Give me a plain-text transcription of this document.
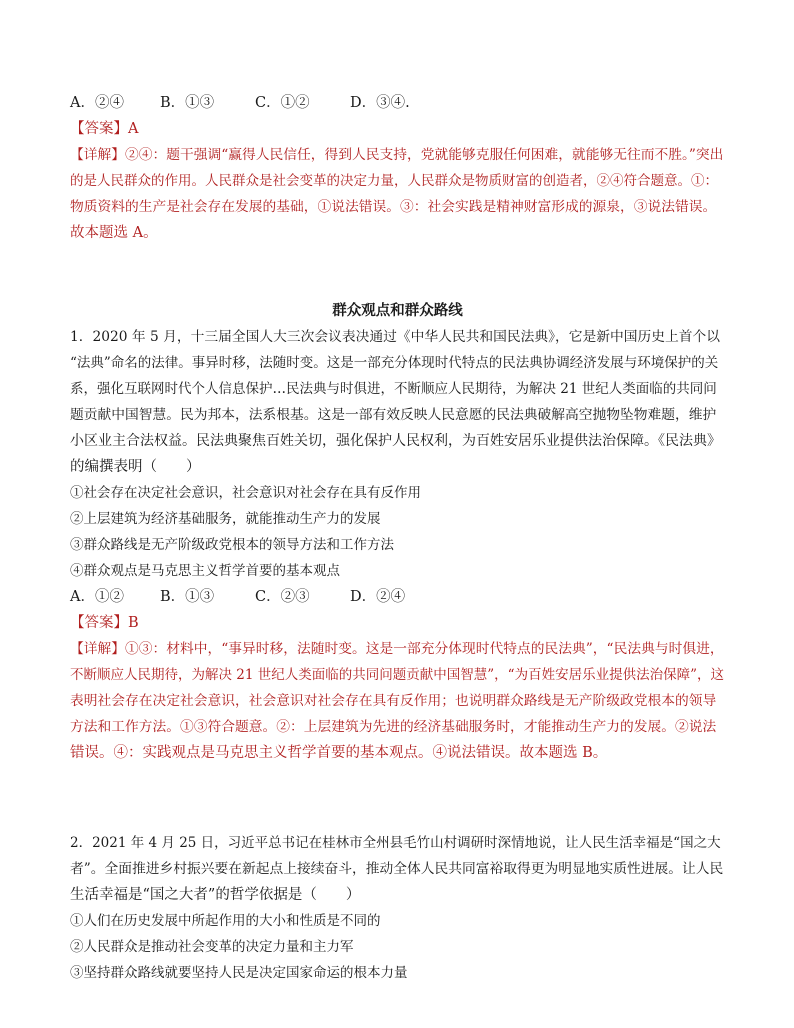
A．②④	B．①③	C．①②	D．③④.

【答案】A

【详解】②④：题干强调“赢得人民信任，得到人民支持，党就能够克服任何困难，就能够无往而不胜。”突出

的是人民群众的作用。人民群众是社会变革的决定力量，人民群众是物质财富的创造者，②④符合题意。①：

物质资料的生产是社会存在发展的基础，①说法错误。③：社会实践是精神财富形成的源泉，③说法错误。

故本题选 A。

群众观点和群众路线

1．2020 年 5 月，十三届全国人大三次会议表决通过《中华人民共和国民法典》，它是新中国历史上首个以

“法典”命名的法律。事异时移，法随时变。这是一部充分体现时代特点的民法典协调经济发展与环境保护的关

系，强化互联网时代个人信息保护…民法典与时俱进，不断顺应人民期待，为解决 21 世纪人类面临的共同问

题贡献中国智慧。民为邦本，法系根基。这是一部有效反映人民意愿的民法典破解高空抛物坠物难题，维护

小区业主合法权益。民法典聚焦百姓关切，强化保护人民权利，为百姓安居乐业提供法治保障。《民法典》

的编撰表明（　　）

①社会存在决定社会意识，社会意识对社会存在具有反作用

②上层建筑为经济基础服务，就能推动生产力的发展

③群众路线是无产阶级政党根本的领导方法和工作方法

④群众观点是马克思主义哲学首要的基本观点

A．①②	B．①③	C．②③	D．②④

【答案】B

【详解】①③：材料中，“事异时移，法随时变。这是一部充分体现时代特点的民法典”，“民法典与时俱进，

不断顺应人民期待，为解决 21 世纪人类面临的共同问题贡献中国智慧”，“为百姓安居乐业提供法治保障”，这

表明社会存在决定社会意识，社会意识对社会存在具有反作用；也说明群众路线是无产阶级政党根本的领导

方法和工作方法。①③符合题意。②：上层建筑为先进的经济基础服务时，才能推动生产力的发展。②说法

错误。④：实践观点是马克思主义哲学首要的基本观点。④说法错误。故本题选 B。

2．2021 年 4 月 25 日，习近平总书记在桂林市全州县毛竹山村调研时深情地说，让人民生活幸福是“国之大

者”。全面推进乡村振兴要在新起点上接续奋斗，推动全体人民共同富裕取得更为明显地实质性进展。让人民

生活幸福是“国之大者”的哲学依据是（　　）

①人们在历史发展中所起作用的大小和性质是不同的

②人民群众是推动社会变革的决定力量和主力军

③坚持群众路线就要坚持人民是决定国家命运的根本力量
